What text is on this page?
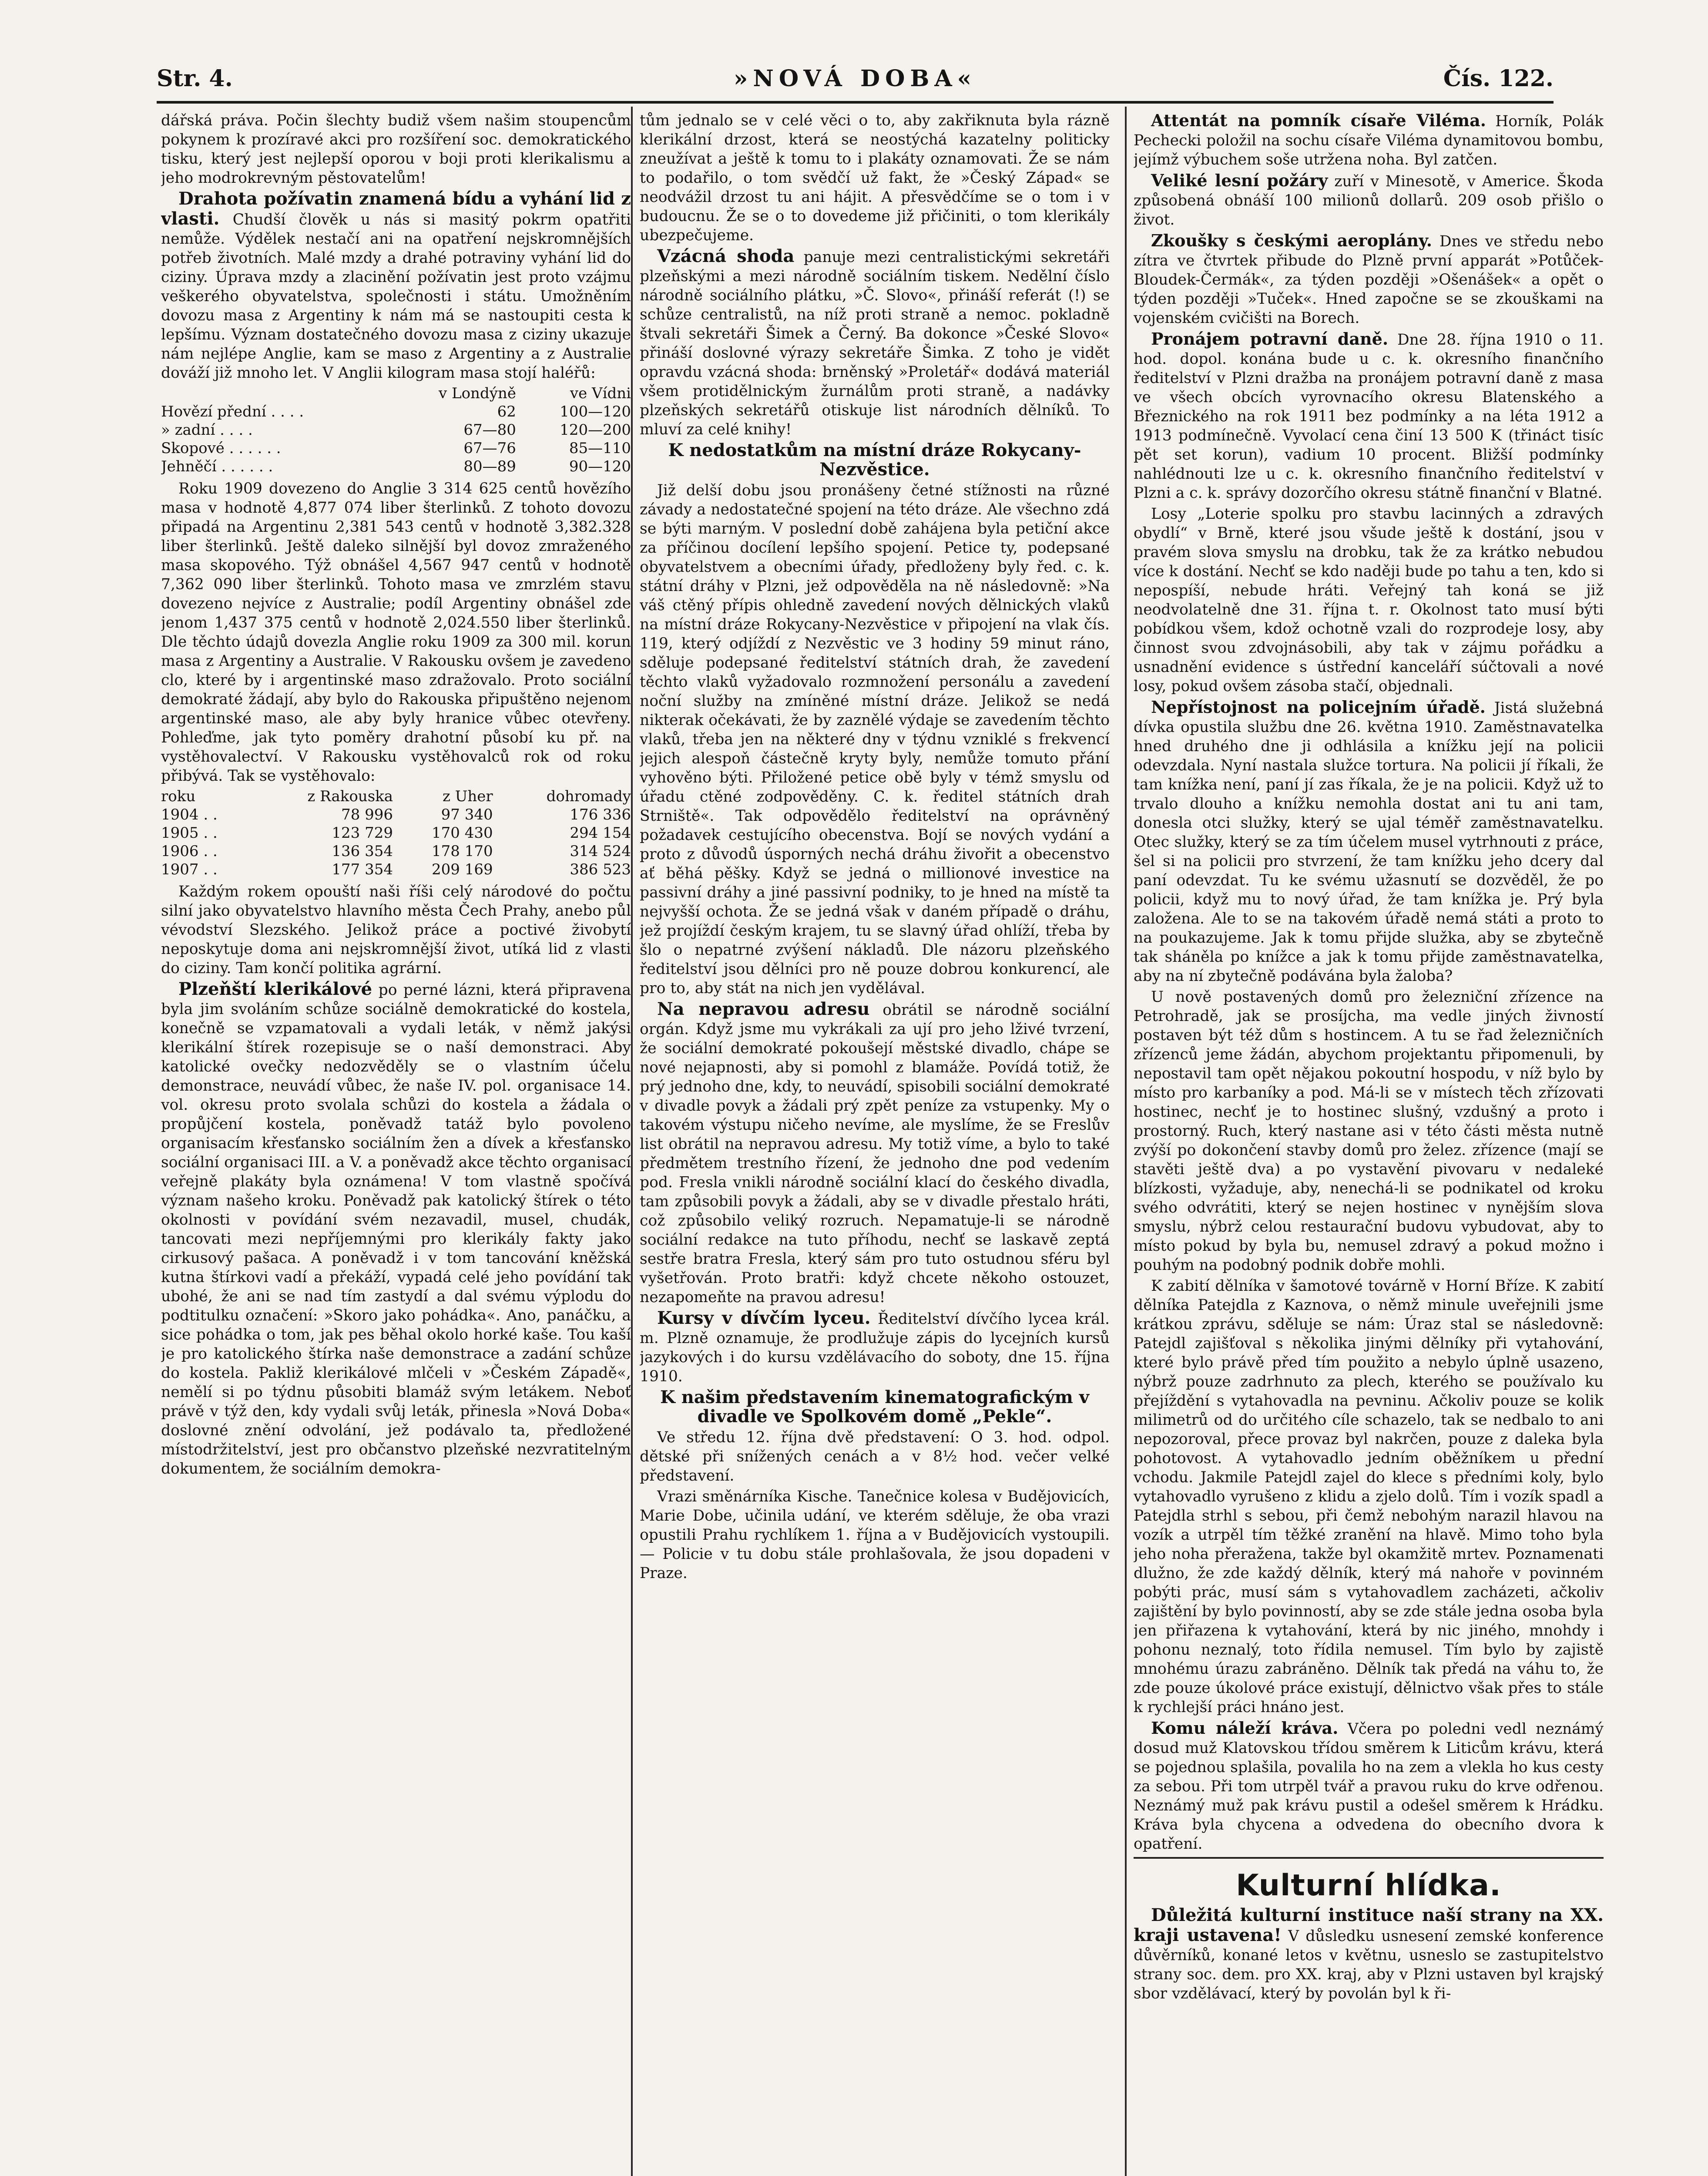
Str. 4.	»NOVÁ DOBA«	Čís. 122.

dářská práva. Počin šlechty budiž všem našim stoupencům pokynem k prozíravé akci pro rozšíření soc. demokratického tisku, který jest nejlepší oporou v boji proti klerikalismu a jeho modrokrevným pěstovatelům!

Drahota požívatin znamená bídu a vyhání lid z vlasti. Chudší člověk u nás si masitý pokrm opatřiti nemůže. Výdělek nestačí ani na opatření nejskromnějších potřeb životních. Malé mzdy a drahé potraviny vyhání lid do ciziny. Úprava mzdy a zlacinění požívatin jest proto vzájmu veškerého obyvatelstva, společnosti i státu. Umožněním dovozu masa z Argentiny k nám má se nastoupiti cesta k lepšímu. Význam dostatečného dovozu masa z ciziny ukazuje nám nejlépe Anglie, kam se maso z Argentiny a z Australie dováží již mnoho let. V Anglii kilogram masa stojí haléřů:

	v Londýně	ve Vídni
Hovězí přední . . . .	62	100—120
» zadní . . . .	67—80	120—200
Skopové . . . . . .	67—76	85—110
Jehněčí . . . . . .	80—89	90—120

Roku 1909 dovezeno do Anglie 3 314 625 centů hovězího masa v hodnotě 4,877 074 liber šterlinků. Z tohoto dovozu připadá na Argentinu 2,381 543 centů v hodnotě 3,382.328 liber šterlinků. Ještě daleko silnější byl dovoz zmraženého masa skopového. Týž obnášel 4,567 947 centů v hodnotě 7,362 090 liber šterlinků. Tohoto masa ve zmrzlém stavu dovezeno nejvíce z Australie; podíl Argentiny obnášel zde jenom 1,437 375 centů v hodnotě 2,024.550 liber šterlinků. Dle těchto údajů dovezla Anglie roku 1909 za 300 mil. korun masa z Argentiny a Australie. V Rakousku ovšem je zavedeno clo, které by i argentinské maso zdražovalo. Proto sociální demokraté žádají, aby bylo do Rakouska připuštěno nejenom argentinské maso, ale aby byly hranice vůbec otevřeny. Pohleďme, jak tyto poměry drahotní působí ku př. na vystěhovalectví. V Rakousku vystěhovalců rok od roku přibývá. Tak se vystěhovalo:

roku	z Rakouska	z Uher	dohromady
1904 . .	78 996	97 340	176 336
1905 . .	123 729	170 430	294 154
1906 . .	136 354	178 170	314 524
1907 . .	177 354	209 169	386 523

Každým rokem opouští naši říši celý národové do počtu silní jako obyvatelstvo hlavního města Čech Prahy, anebo půl vévodství Slezského. Jelikož práce a poctivé živobytí neposkytuje doma ani nejskromnější život, utíká lid z vlasti do ciziny. Tam končí politika agrární.

Plzeňští klerikálové po perné lázni, která připravena byla jim svoláním schůze sociálně demokratické do kostela, konečně se vzpamatovali a vydali leták, v němž jakýsi klerikální štírek rozepisuje se o naší demonstraci. Aby katolické ovečky nedozvěděly se o vlastním účelu demonstrace, neuvádí vůbec, že naše IV. pol. organisace 14. vol. okresu proto svolala schůzi do kostela a žádala o propůjčení kostela, poněvadž tatáž bylo povoleno organisacím křesťansko sociálním žen a dívek a křesťansko sociální organisaci III. a V. a poněvadž akce těchto organisací veřejně plakáty byla oznámena! V tom vlastně spočívá význam našeho kroku. Poněvadž pak katolický štírek o této okolnosti v povídání svém nezavadil, musel, chudák, tancovati mezi nepříjemnými pro klerikály fakty jako cirkusový pašaca. A poněvadž i v tom tancování kněžská kutna štírkovi vadí a překáží, vypadá celé jeho povídání tak ubohé, že ani se nad tím zastydí a dal svému výplodu do podtitulku označení: »Skoro jako pohádka«. Ano, panáčku, a sice pohádka o tom, jak pes běhal okolo horké kaše. Tou kaší je pro katolického štírka naše demonstrace a zadání schůze do kostela. Pakliž klerikálové mlčeli v »Českém Západě«, nemělí si po týdnu působiti blamáž svým letákem. Neboť právě v týž den, kdy vydali svůj leták, přinesla »Nová Doba« doslovné znění odvolání, jež podávalo ta, předložené místodržitelství, jest pro občanstvo plzeňské nezvratitelným dokumentem, že sociálním demokra-

tům jednalo se v celé věci o to, aby zakřiknuta byla rázně klerikální drzost, která se neostýchá kazatelny politicky zneužívat a ještě k tomu to i plakáty oznamovati. Že se nám to podařilo, o tom svědčí už fakt, že »Český Západ« se neodvážil drzost tu ani hájit. A přesvědčíme se o tom i v budoucnu. Že se o to dovedeme již přičiniti, o tom klerikály ubezpečujeme.

Vzácná shoda panuje mezi centralistickými sekretáři plzeňskými a mezi národně sociálním tiskem. Nedělní číslo národně sociálního plátku, »Č. Slovo«, přináší referát (!) se schůze centralistů, na níž proti straně a nemoc. pokladně štvali sekretáři Šimek a Černý. Ba dokonce »České Slovo« přináší doslovné výrazy sekretáře Šimka. Z toho je vidět opravdu vzácná shoda: brněnský »Proletář« dodává materiál všem protidělnickým žurnálům proti straně, a nadávky plzeňských sekretářů otiskuje list národních dělníků. To mluví za celé knihy!

K nedostatkům na místní dráze Rokycany-Nezvěstice.

Již delší dobu jsou pronášeny četné stížnosti na různé závady a nedostatečné spojení na této dráze. Ale všechno zdá se býti marným. V poslední době zahájena byla petiční akce za příčinou docílení lepšího spojení. Petice ty, podepsané obyvatelstvem a obecními úřady, předloženy byly řed. c. k. státní dráhy v Plzni, jež odpověděla na ně následovně: »Na váš ctěný přípis ohledně zavedení nových dělnických vlaků na místní dráze Rokycany-Nezvěstice v připojení na vlak čís. 119, který odjíždí z Nezvěstic ve 3 hodiny 59 minut ráno, sděluje podepsané ředitelství státních drah, že zavedení těchto vlaků vyžadovalo rozmnožení personálu a zavedení noční služby na zmíněné místní dráze. Jelikož se nedá nikterak očekávati, že by zaznělé výdaje se zavedením těchto vlaků, třeba jen na některé dny v týdnu vzniklé s frekvencí jejich alespoň částečně kryty byly, nemůže tomuto přání vyhověno býti. Přiložené petice obě byly v témž smyslu od úřadu ctěné zodpověděny. C. k. ředitel státních drah Strniště«. Tak odpovědělo ředitelství na oprávněný požadavek cestujícího obecenstva. Bojí se nových vydání a proto z důvodů úsporných nechá dráhu živořit a obecenstvo ať běhá pěšky. Když se jedná o millionové investice na passivní dráhy a jiné passivní podniky, to je hned na místě ta nejvyšší ochota. Že se jedná však v daném případě o dráhu, jež projíždí českým krajem, tu se slavný úřad ohlíží, třeba by šlo o nepatrné zvýšení nákladů. Dle názoru plzeňského ředitelství jsou dělníci pro ně pouze dobrou konkurencí, ale pro to, aby stát na nich jen vydělával.

Na nepravou adresu obrátil se národně sociální orgán. Když jsme mu vykrákali za ují pro jeho lživé tvrzení, že sociální demokraté pokoušejí městské divadlo, chápe se nové nejapnosti, aby si pomohl z blamáže. Povídá totiž, že prý jednoho dne, kdy, to neuvádí, spisobili sociální demokraté v divadle povyk a žádali prý zpět peníze za vstupenky. My o takovém výstupu ničeho nevíme, ale myslíme, že se Freslův list obrátil na nepravou adresu. My totiž víme, a bylo to také předmětem trestního řízení, že jednoho dne pod vedením pod. Fresla vnikli národně sociální klací do českého divadla, tam způsobili povyk a žádali, aby se v divadle přestalo hráti, což způsobilo veliký rozruch. Nepamatuje-li se národně sociální redakce na tuto příhodu, nechť se laskavě zeptá sestře bratra Fresla, který sám pro tuto ostudnou sféru byl vyšetřován. Proto bratři: když chcete někoho ostouzet, nezapomeňte na pravou adresu!

Kursy v dívčím lyceu. Ředitelství dívčího lycea král. m. Plzně oznamuje, že prodlužuje zápis do lycejních kursů jazykových i do kursu vzdělávacího do soboty, dne 15. října 1910.

K našim představením kinematografickým v divadle ve Spolkovém domě „Pekle“.

Ve středu 12. října dvě představení: O 3. hod. odpol. dětské při snížených cenách a v 8½ hod. večer velké představení.

Vrazi směnárníka Kische. Tanečnice kolesa v Budějovicích, Marie Dobe, učinila udání, ve kterém sděluje, že oba vrazi opustili Prahu rychlíkem 1. října a v Budějovicích vystoupili. — Policie v tu dobu stále prohlašovala, že jsou dopadeni v Praze.

Attentát na pomník císaře Viléma. Horník, Polák Pechecki položil na sochu císaře Viléma dynamitovou bombu, jejímž výbuchem soše utržena noha. Byl zatčen.

Veliké lesní požáry zuří v Minesotě, v Americe. Škoda způsobená obnáší 100 milionů dollarů. 209 osob přišlo o život.

Zkoušky s českými aeroplány. Dnes ve středu nebo zítra ve čtvrtek přibude do Plzně první apparát »Potůček-Bloudek-Čermák«, za týden později »Ošenášek« a opět o týden později »Tuček«. Hned započne se se zkouškami na vojenském cvičišti na Borech.

Pronájem potravní daně. Dne 28. října 1910 o 11. hod. dopol. konána bude u c. k. okresního finančního ředitelství v Plzni dražba na pronájem potravní daně z masa ve všech obcích vyrovnacího okresu Blatenského a Březnického na rok 1911 bez podmínky a na léta 1912 a 1913 podmínečně. Vyvolací cena činí 13 500 K (třináct tisíc pět set korun), vadium 10 procent. Bližší podmínky nahlédnouti lze u c. k. okresního finančního ředitelství v Plzni a c. k. správy dozorčího okresu státně finanční v Blatné.

Losy „Loterie spolku pro stavbu lacinných a zdravých obydlí“ v Brně, které jsou všude ještě k dostání, jsou v pravém slova smyslu na drobku, tak že za krátko nebudou více k dostání. Nechť se kdo naději bude po tahu a ten, kdo si nepospíší, nebude hráti. Veřejný tah koná se již neodvolatelně dne 31. října t. r. Okolnost tato musí býti pobídkou všem, kdož ochotně vzali do rozprodeje losy, aby činnost svou zdvojnásobili, aby tak v zájmu pořádku a usnadnění evidence s ústřední kanceláří súčtovali a nové losy, pokud ovšem zásoba stačí, objednali.

Nepřístojnost na policejním úřadě. Jistá služebná dívka opustila službu dne 26. května 1910. Zaměstnavatelka hned druhého dne ji odhlásila a knížku její na policii odevzdala. Nyní nastala služce tortura. Na policii jí říkali, že tam knížka není, paní jí zas říkala, že je na policii. Když už to trvalo dlouho a knížku nemohla dostat ani tu ani tam, donesla otci služky, který se ujal téměř zaměstnavatelku. Otec služky, který se za tím účelem musel vytrhnouti z práce, šel si na policii pro stvrzení, že tam knížku jeho dcery dal paní odevzdat. Tu ke svému užasnutí se dozvěděl, že po policii, když mu to nový úřad, že tam knížka je. Prý byla založena. Ale to se na takovém úřadě nemá státi a proto to na poukazujeme. Jak k tomu přijde služka, aby se zbytečně tak sháněla po knížce a jak k tomu přijde zaměstnavatelka, aby na ní zbytečně podávána byla žaloba?

U nově postavených domů pro železniční zřízence na Petrohradě, jak se prosíjcha, ma vedle jiných živností postaven být též dům s hostincem. A tu se řad železničních zřízenců jeme žádán, abychom projektantu připomenuli, by nepostavil tam opět nějakou pokoutní hospodu, v níž bylo by místo pro karbaníky a pod. Má-li se v místech těch zřízovati hostinec, nechť je to hostinec slušný, vzdušný a proto i prostorný. Ruch, který nastane asi v této části města nutně zvýší po dokončení stavby domů pro želez. zřízence (mají se stavěti ještě dva) a po vystavění pivovaru v nedaleké blízkosti, vyžaduje, aby, nenechá-li se podnikatel od kroku svého odvrátiti, který se nejen hostinec v nynějším slova smyslu, nýbrž celou restaurační budovu vybudovat, aby to místo pokud by byla bu, nemusel zdravý a pokud možno i pouhým na podobný podnik dobře mohli.

K zabití dělníka v šamotové továrně v Horní Bříze. K zabití dělníka Patejdla z Kaznova, o němž minule uveřejnili jsme krátkou zprávu, sděluje se nám: Úraz stal se následovně: Patejdl zajišťoval s několika jinými dělníky při vytahování, které bylo právě před tím použito a nebylo úplně usazeno, nýbrž pouze zadrhnuto za plech, kterého se používalo ku přejíždění s vytahovadla na pevninu. Ačkoliv pouze se kolik milimetrů od do určitého cíle schazelo, tak se nedbalo to ani nepozoroval, přece provaz byl nakrčen, pouze z daleka byla pohotovost. A vytahovadlo jedním oběžníkem u přední vchodu. Jakmile Patejdl zajel do klece s předními koly, bylo vytahovadlo vyrušeno z klidu a zjelo dolů. Tím i vozík spadl a Patejdla strhl s sebou, při čemž nebohým narazil hlavou na vozík a utrpěl tím těžké zranění na hlavě. Mimo toho byla jeho noha přeražena, takže byl okamžitě mrtev. Poznamenati dlužno, že zde každý dělník, který má nahoře v povinném pobýti prác, musí sám s vytahovadlem zacházeti, ačkoliv zajištění by bylo povinností, aby se zde stále jedna osoba byla jen přiřazena k vytahování, která by nic jiného, mnohdy i pohonu neznalý, toto řídila nemusel. Tím bylo by zajistě mnohému úrazu zabráněno. Dělník tak předá na váhu to, že zde pouze úkolové práce existují, dělnictvo však přes to stále k rychlejší práci hnáno jest.

Komu náleží kráva. Včera po poledni vedl neznámý dosud muž Klatovskou třídou směrem k Liticům krávu, která se pojednou splašila, povalila ho na zem a vlekla ho kus cesty za sebou. Při tom utrpěl tvář a pravou ruku do krve odřenou. Neznámý muž pak krávu pustil a odešel směrem k Hrádku. Kráva byla chycena a odvedena do obecního dvora k opatření.

Kulturní hlídka.

Důležitá kulturní instituce naší strany na XX. kraji ustavena! V důsledku usnesení zemské konference důvěrníků, konané letos v květnu, usneslo se zastupitelstvo strany soc. dem. pro XX. kraj, aby v Plzni ustaven byl krajský sbor vzdělávací, který by povolán byl k ři-
